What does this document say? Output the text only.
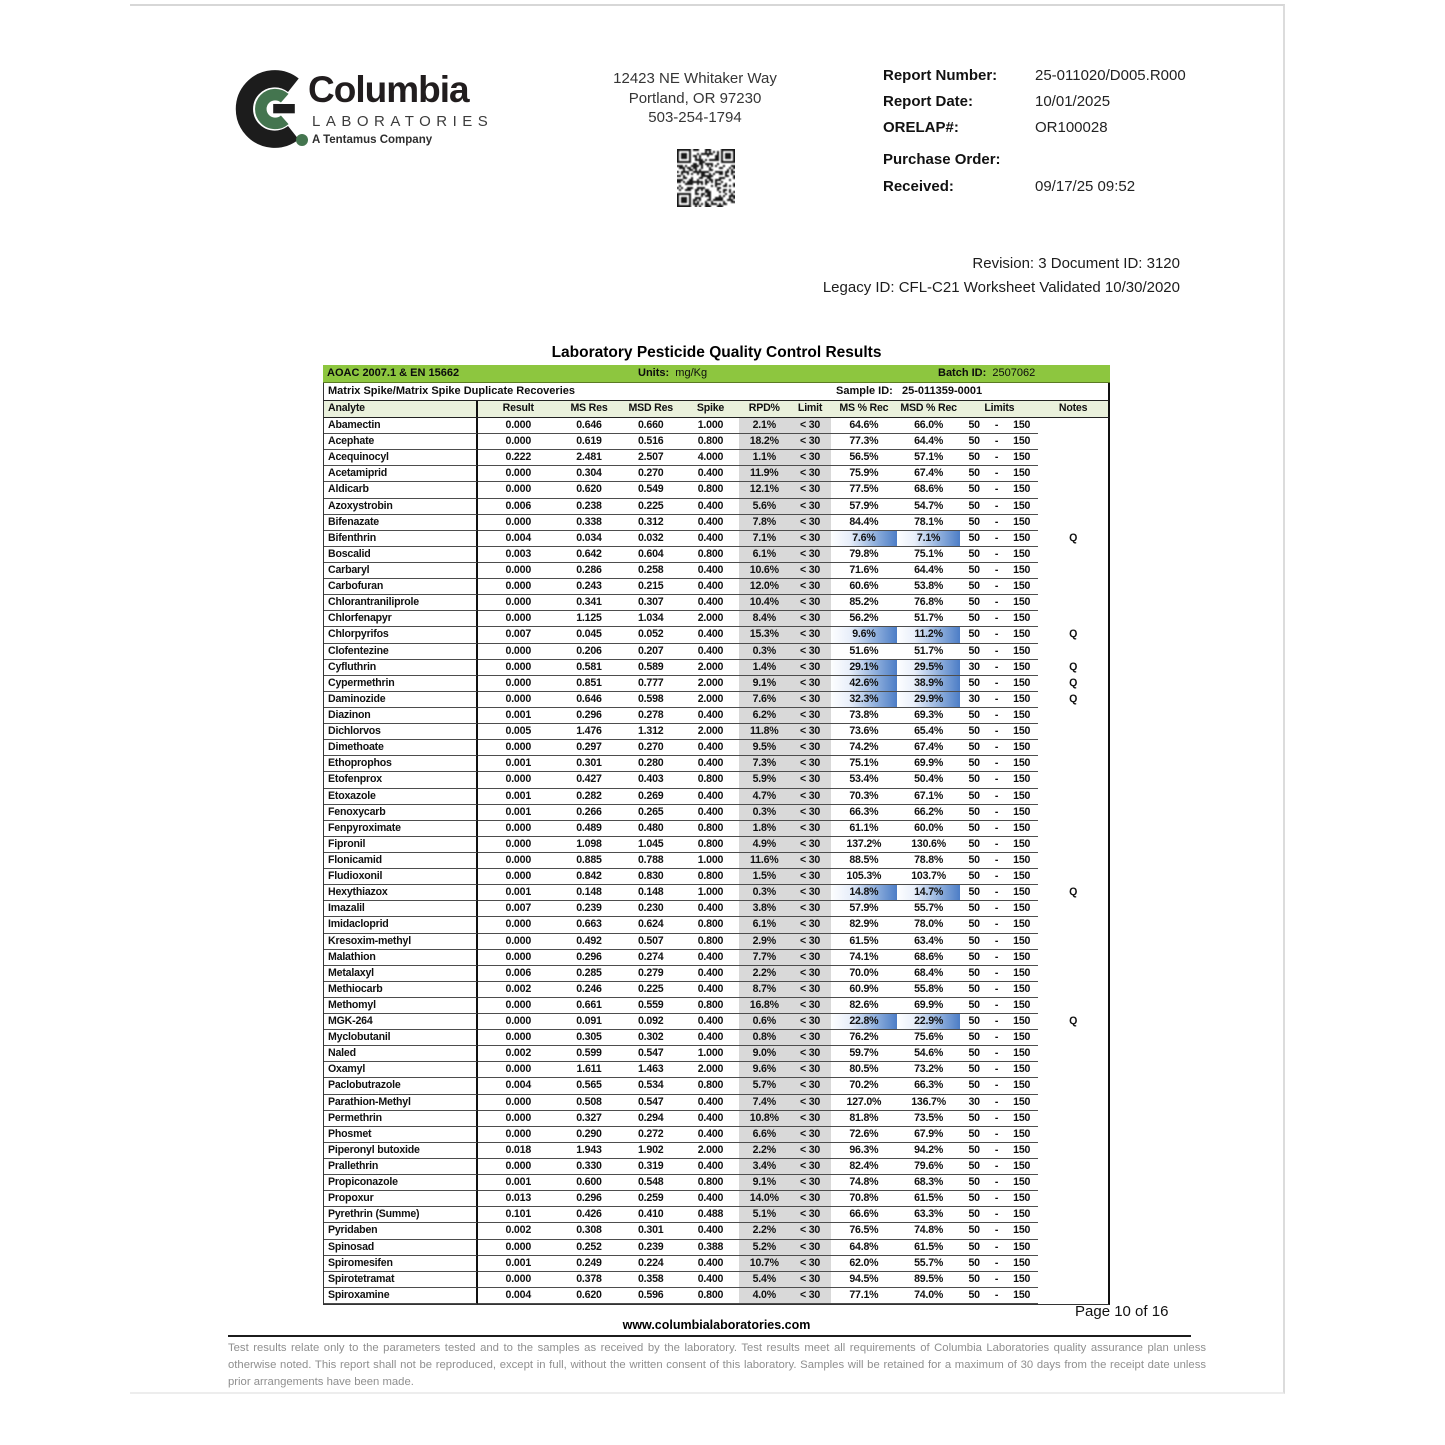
Columbia
LABORATORIES
A Tentamus Company
12423 NE Whitaker Way
Portland, OR 97230
503-254-1794
Report Number:	25-011020/D005.R000
Report Date:	10/01/2025
ORELAP#:	OR100028
Purchase Order:
Received:	09/17/25 09:52
Revision: 3 Document ID: 3120
Legacy ID: CFL-C21 Worksheet Validated 10/30/2020
Laboratory Pesticide Quality Control Results
AOAC 2007.1 & EN 15662	Units: mg/Kg	Batch ID: 2507062
Matrix Spike/Matrix Spike Duplicate Recoveries	Sample ID: 25-011359-0001
Analyte	Result	MS Res	MSD Res	Spike	RPD%	Limit	MS % Rec	MSD % Rec	Limits	Notes
Abamectin	0.000	0.646	0.660	1.000	2.1%	< 30	64.6%	66.0%	50 - 150
Acephate	0.000	0.619	0.516	0.800	18.2%	< 30	77.3%	64.4%	50 - 150
Acequinocyl	0.222	2.481	2.507	4.000	1.1%	< 30	56.5%	57.1%	50 - 150
Acetamiprid	0.000	0.304	0.270	0.400	11.9%	< 30	75.9%	67.4%	50 - 150
Aldicarb	0.000	0.620	0.549	0.800	12.1%	< 30	77.5%	68.6%	50 - 150
Azoxystrobin	0.006	0.238	0.225	0.400	5.6%	< 30	57.9%	54.7%	50 - 150
Bifenazate	0.000	0.338	0.312	0.400	7.8%	< 30	84.4%	78.1%	50 - 150
Bifenthrin	0.004	0.034	0.032	0.400	7.1%	< 30	7.6%	7.1%	50 - 150	Q
Boscalid	0.003	0.642	0.604	0.800	6.1%	< 30	79.8%	75.1%	50 - 150
Carbaryl	0.000	0.286	0.258	0.400	10.6%	< 30	71.6%	64.4%	50 - 150
Carbofuran	0.000	0.243	0.215	0.400	12.0%	< 30	60.6%	53.8%	50 - 150
Chlorantraniliprole	0.000	0.341	0.307	0.400	10.4%	< 30	85.2%	76.8%	50 - 150
Chlorfenapyr	0.000	1.125	1.034	2.000	8.4%	< 30	56.2%	51.7%	50 - 150
Chlorpyrifos	0.007	0.045	0.052	0.400	15.3%	< 30	9.6%	11.2%	50 - 150	Q
Clofentezine	0.000	0.206	0.207	0.400	0.3%	< 30	51.6%	51.7%	50 - 150
Cyfluthrin	0.000	0.581	0.589	2.000	1.4%	< 30	29.1%	29.5%	30 - 150	Q
Cypermethrin	0.000	0.851	0.777	2.000	9.1%	< 30	42.6%	38.9%	50 - 150	Q
Daminozide	0.000	0.646	0.598	2.000	7.6%	< 30	32.3%	29.9%	30 - 150	Q
Diazinon	0.001	0.296	0.278	0.400	6.2%	< 30	73.8%	69.3%	50 - 150
Dichlorvos	0.005	1.476	1.312	2.000	11.8%	< 30	73.6%	65.4%	50 - 150
Dimethoate	0.000	0.297	0.270	0.400	9.5%	< 30	74.2%	67.4%	50 - 150
Ethoprophos	0.001	0.301	0.280	0.400	7.3%	< 30	75.1%	69.9%	50 - 150
Etofenprox	0.000	0.427	0.403	0.800	5.9%	< 30	53.4%	50.4%	50 - 150
Etoxazole	0.001	0.282	0.269	0.400	4.7%	< 30	70.3%	67.1%	50 - 150
Fenoxycarb	0.001	0.266	0.265	0.400	0.3%	< 30	66.3%	66.2%	50 - 150
Fenpyroximate	0.000	0.489	0.480	0.800	1.8%	< 30	61.1%	60.0%	50 - 150
Fipronil	0.000	1.098	1.045	0.800	4.9%	< 30	137.2%	130.6%	50 - 150
Flonicamid	0.000	0.885	0.788	1.000	11.6%	< 30	88.5%	78.8%	50 - 150
Fludioxonil	0.000	0.842	0.830	0.800	1.5%	< 30	105.3%	103.7%	50 - 150
Hexythiazox	0.001	0.148	0.148	1.000	0.3%	< 30	14.8%	14.7%	50 - 150	Q
Imazalil	0.007	0.239	0.230	0.400	3.8%	< 30	57.9%	55.7%	50 - 150
Imidacloprid	0.000	0.663	0.624	0.800	6.1%	< 30	82.9%	78.0%	50 - 150
Kresoxim-methyl	0.000	0.492	0.507	0.800	2.9%	< 30	61.5%	63.4%	50 - 150
Malathion	0.000	0.296	0.274	0.400	7.7%	< 30	74.1%	68.6%	50 - 150
Metalaxyl	0.006	0.285	0.279	0.400	2.2%	< 30	70.0%	68.4%	50 - 150
Methiocarb	0.002	0.246	0.225	0.400	8.7%	< 30	60.9%	55.8%	50 - 150
Methomyl	0.000	0.661	0.559	0.800	16.8%	< 30	82.6%	69.9%	50 - 150
MGK-264	0.000	0.091	0.092	0.400	0.6%	< 30	22.8%	22.9%	50 - 150	Q
Myclobutanil	0.000	0.305	0.302	0.400	0.8%	< 30	76.2%	75.6%	50 - 150
Naled	0.002	0.599	0.547	1.000	9.0%	< 30	59.7%	54.6%	50 - 150
Oxamyl	0.000	1.611	1.463	2.000	9.6%	< 30	80.5%	73.2%	50 - 150
Paclobutrazole	0.004	0.565	0.534	0.800	5.7%	< 30	70.2%	66.3%	50 - 150
Parathion-Methyl	0.000	0.508	0.547	0.400	7.4%	< 30	127.0%	136.7%	30 - 150
Permethrin	0.000	0.327	0.294	0.400	10.8%	< 30	81.8%	73.5%	50 - 150
Phosmet	0.000	0.290	0.272	0.400	6.6%	< 30	72.6%	67.9%	50 - 150
Piperonyl butoxide	0.018	1.943	1.902	2.000	2.2%	< 30	96.3%	94.2%	50 - 150
Prallethrin	0.000	0.330	0.319	0.400	3.4%	< 30	82.4%	79.6%	50 - 150
Propiconazole	0.001	0.600	0.548	0.800	9.1%	< 30	74.8%	68.3%	50 - 150
Propoxur	0.013	0.296	0.259	0.400	14.0%	< 30	70.8%	61.5%	50 - 150
Pyrethrin (Summe)	0.101	0.426	0.410	0.488	5.1%	< 30	66.6%	63.3%	50 - 150
Pyridaben	0.002	0.308	0.301	0.400	2.2%	< 30	76.5%	74.8%	50 - 150
Spinosad	0.000	0.252	0.239	0.388	5.2%	< 30	64.8%	61.5%	50 - 150
Spiromesifen	0.001	0.249	0.224	0.400	10.7%	< 30	62.0%	55.7%	50 - 150
Spirotetramat	0.000	0.378	0.358	0.400	5.4%	< 30	94.5%	89.5%	50 - 150
Spiroxamine	0.004	0.620	0.596	0.800	4.0%	< 30	77.1%	74.0%	50 - 150
Page 10 of 16
www.columbialaboratories.com
Test results relate only to the parameters tested and to the samples as received by the laboratory. Test results meet all requirements of Columbia Laboratories quality assurance plan unless otherwise noted. This report shall not be reproduced, except in full, without the written consent of this laboratory. Samples will be retained for a maximum of 30 days from the receipt date unless prior arrangements have been made.
